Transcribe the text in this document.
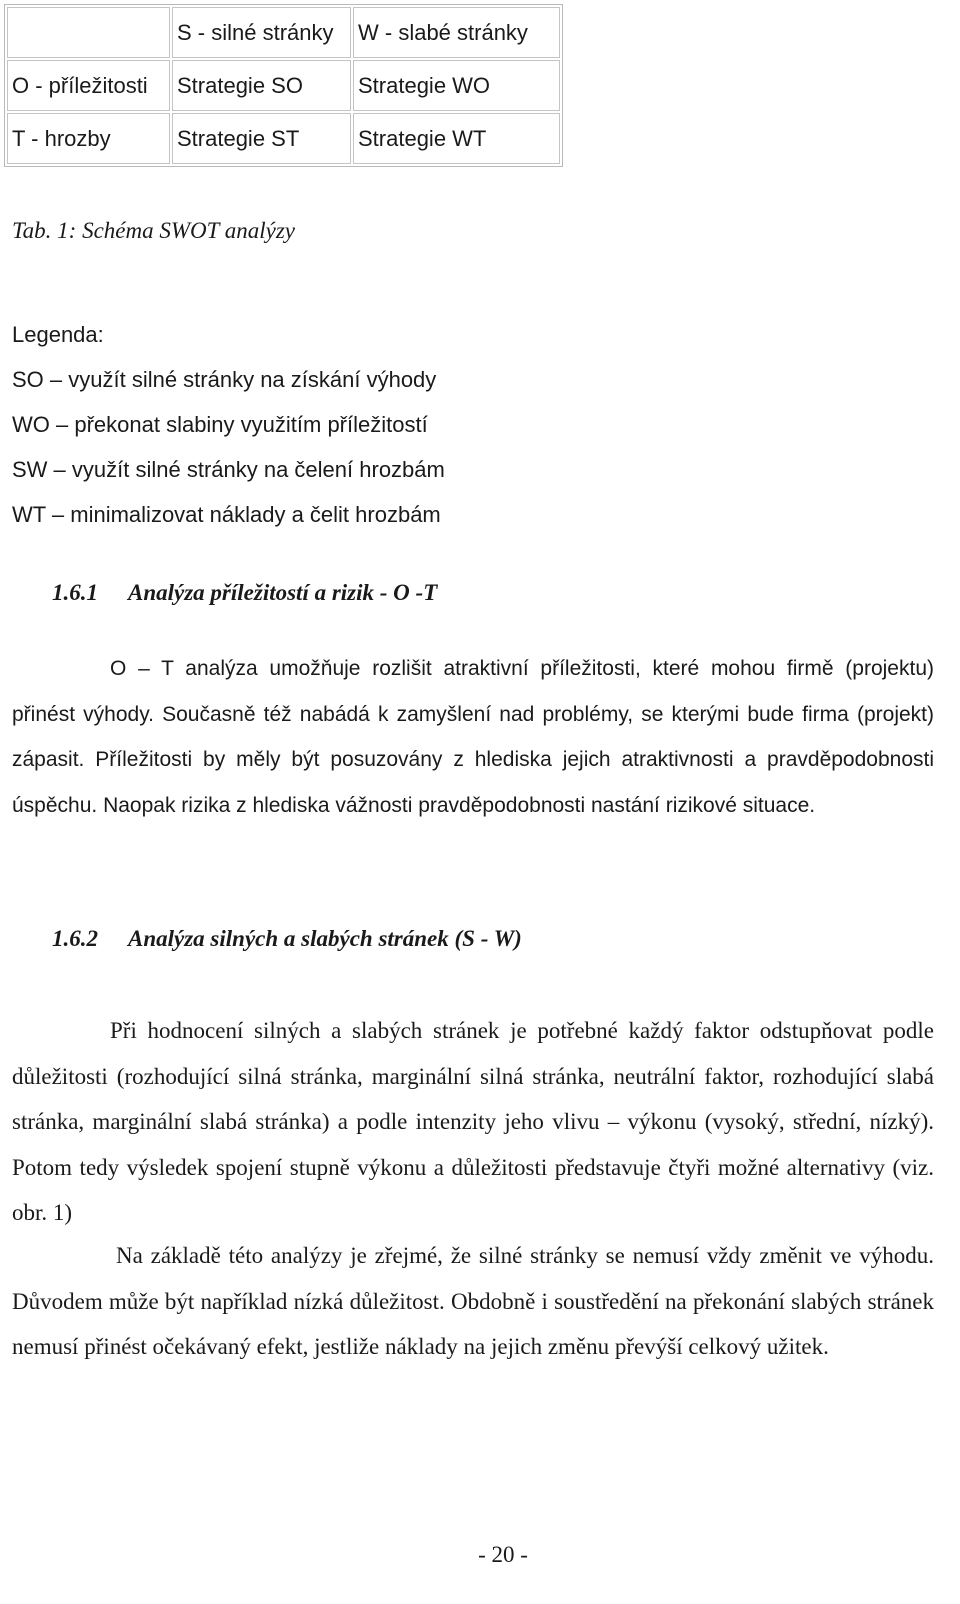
	S - silné stránky	W - slabé stránky
O - příležitosti	Strategie SO	Strategie WO
T - hrozby	Strategie ST	Strategie WT
Tab. 1: Schéma SWOT analýzy
Legenda:
SO – využít silné stránky na získání výhody
WO – překonat slabiny využitím příležitostí
SW – využít silné stránky na čelení hrozbám
WT – minimalizovat náklady a čelit hrozbám
1.6.1 Analýza příležitostí a rizik - O -T
O – T analýza umožňuje rozlišit atraktivní příležitosti, které mohou firmě (projektu) přinést výhody. Současně též nabádá k zamyšlení nad problémy, se kterými bude firma (projekt) zápasit. Příležitosti by měly být posuzovány z hlediska jejich atraktivnosti a pravděpodobnosti úspěchu. Naopak rizika z hlediska vážnosti pravděpodobnosti nastání rizikové situace.
1.6.2 Analýza silných a slabých stránek (S - W)
Při hodnocení silných a slabých stránek je potřebné každý faktor odstupňovat podle důležitosti (rozhodující silná stránka, marginální silná stránka, neutrální faktor, rozhodující slabá stránka, marginální slabá stránka) a podle intenzity jeho vlivu – výkonu (vysoký, střední, nízký). Potom tedy výsledek spojení stupně výkonu a důležitosti představuje čtyři možné alternativy (viz. obr. 1)
Na základě této analýzy je zřejmé, že silné stránky se nemusí vždy změnit ve výhodu. Důvodem může být například nízká důležitost. Obdobně i soustředění na překonání slabých stránek nemusí přinést očekávaný efekt, jestliže náklady na jejich změnu převýší celkový užitek.
- 20 -
